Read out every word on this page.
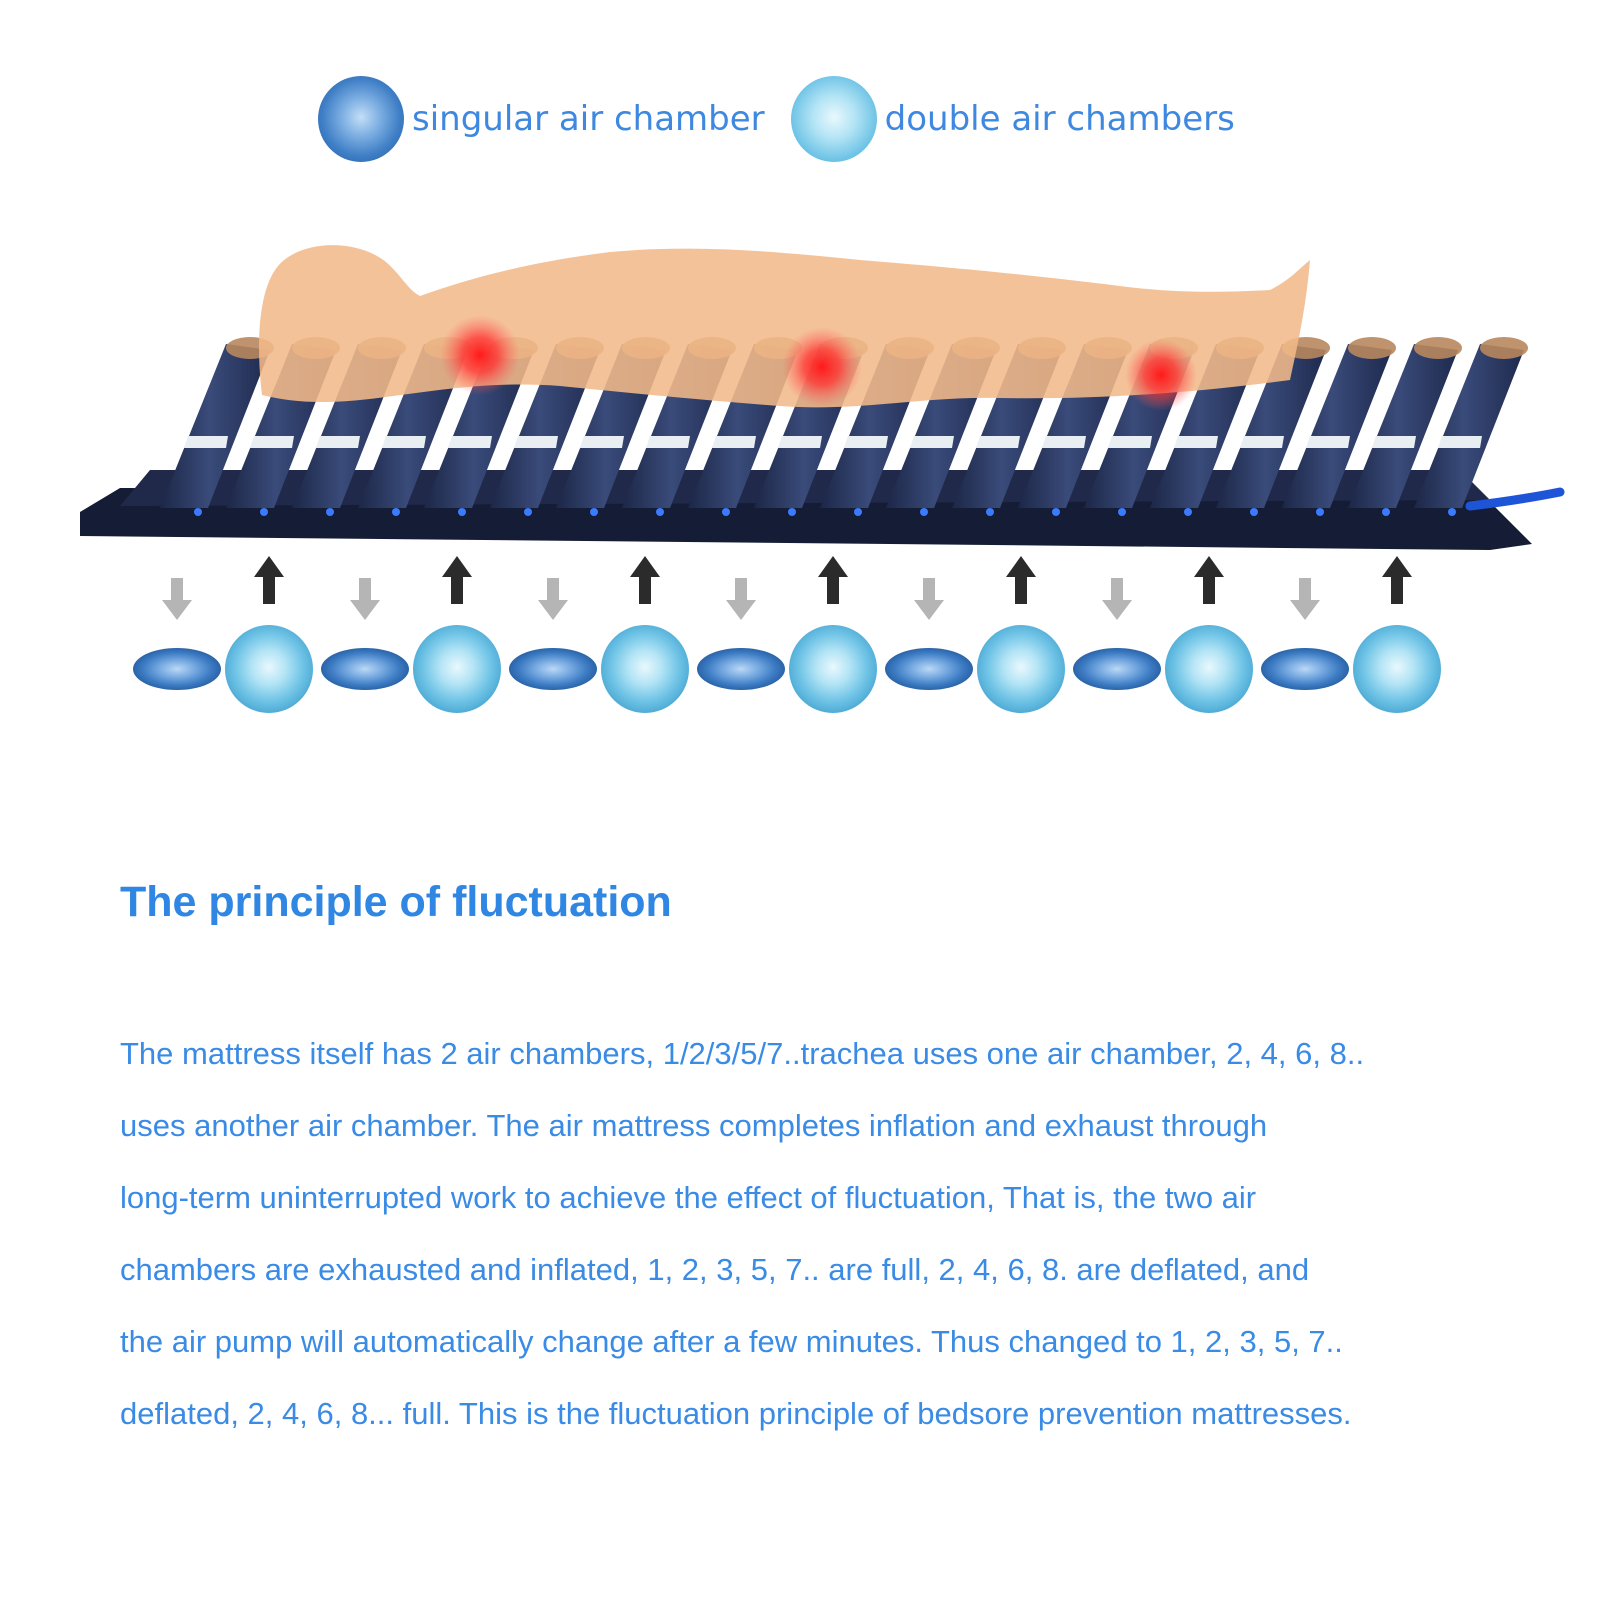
singular air chamber	double air chambers
The principle of fluctuation
The mattress itself has 2 air chambers, 1/2/3/5/7..trachea uses one air chamber, 2, 4, 6, 8..
uses another air chamber. The air mattress completes inflation and exhaust through
long-term uninterrupted work to achieve the effect of fluctuation, That is, the two air
chambers are exhausted and inflated, 1, 2, 3, 5, 7.. are full, 2, 4, 6, 8. are deflated, and
the air pump will automatically change after a few minutes. Thus changed to 1, 2, 3, 5, 7..
deflated, 2, 4, 6, 8... full. This is the fluctuation principle of bedsore prevention mattresses.
